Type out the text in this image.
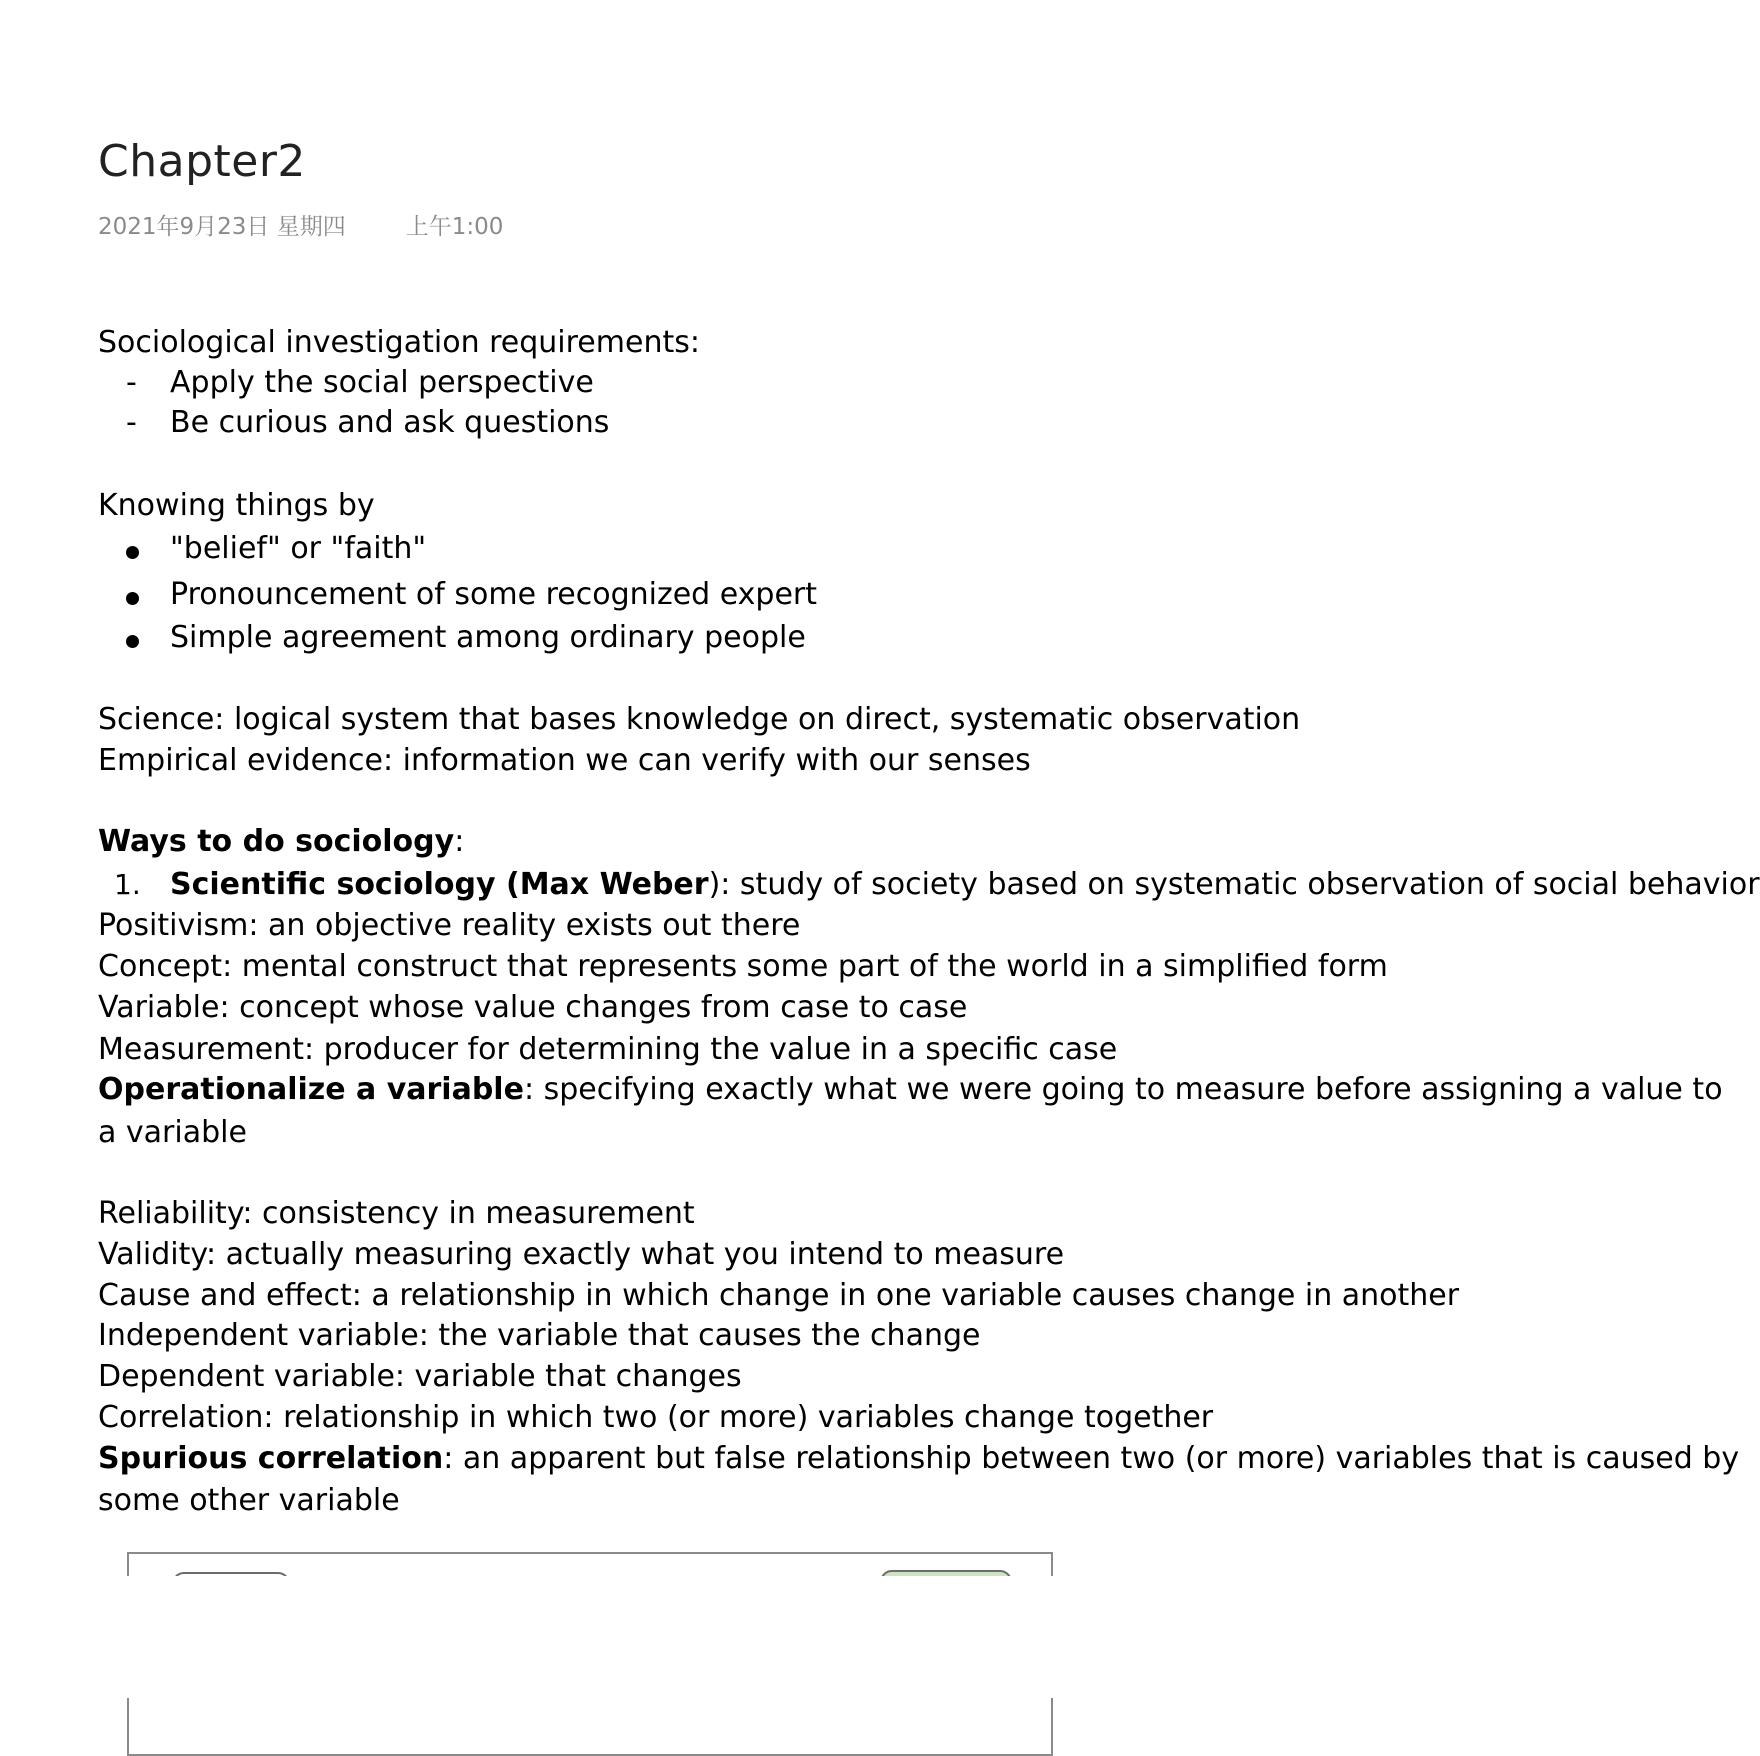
Chapter2
2021年9月23日 星期四	上午1:00
Sociological investigation requirements:
- Apply the social perspective
- Be curious and ask questions
Knowing things by
"belief" or "faith"
Pronouncement of some recognized expert
Simple agreement among ordinary people
Science: logical system that bases knowledge on direct, systematic observation
Empirical evidence: information we can verify with our senses
Ways to do sociology:
1. Scientific sociology (Max Weber): study of society based on systematic observation of social behavior
Positivism: an objective reality exists out there
Concept: mental construct that represents some part of the world in a simplified form
Variable: concept whose value changes from case to case
Measurement: producer for determining the value in a specific case
Operationalize a variable: specifying exactly what we were going to measure before assigning a value to
a variable
Reliability: consistency in measurement
Validity: actually measuring exactly what you intend to measure
Cause and effect: a relationship in which change in one variable causes change in another
Independent variable: the variable that causes the change
Dependent variable: variable that changes
Correlation: relationship in which two (or more) variables change together
Spurious correlation: an apparent but false relationship between two (or more) variables that is caused by
some other variable
